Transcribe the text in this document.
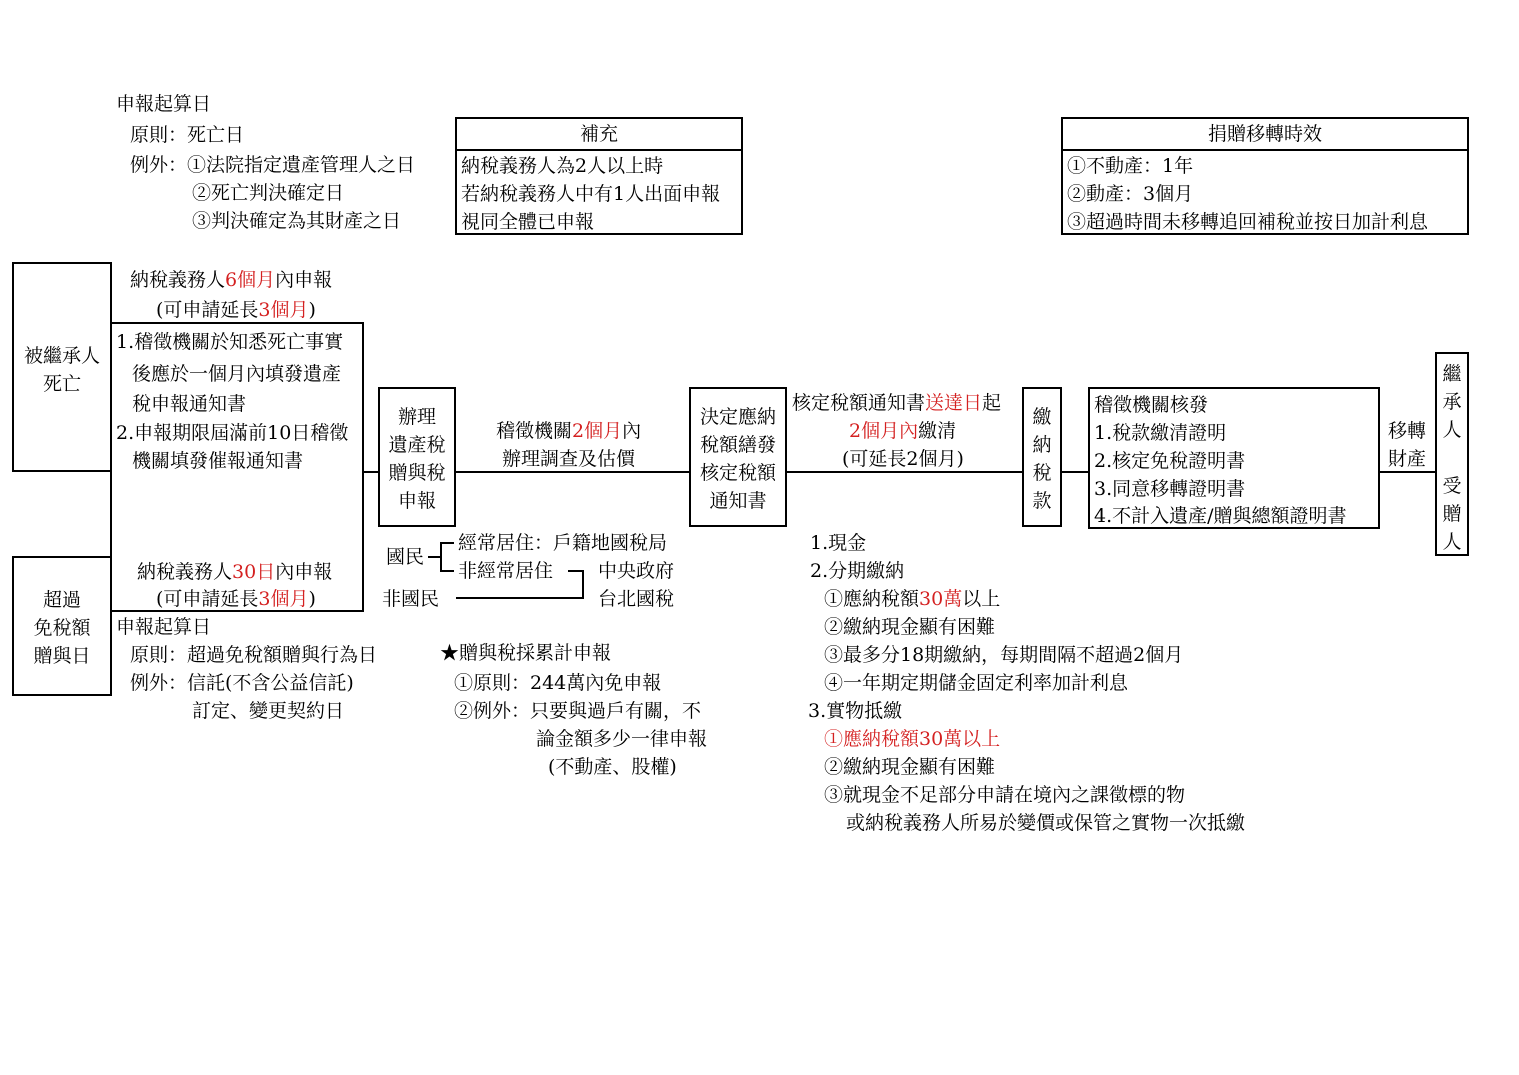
申報起算日
原則：死亡日
例外：①法院指定遺產管理人之日
②死亡判決確定日
③判決確定為其財產之日
補充
納稅義務人為2人以上時
若納稅義務人中有1人出面申報
視同全體已申報
捐贈移轉時效
①不動產：1年
②動產：3個月
③超過時間未移轉追回補稅並按日加計利息
被繼承人
死亡
納稅義務人6個月內申報
(可申請延長3個月)
1.稽徵機關於知悉死亡事實
後應於一個月內填發遺產
稅申報通知書
2.申報期限屆滿前10日稽徵
機關填發催報通知書
超過
免稅額
贈與日
納稅義務人30日內申報
(可申請延長3個月)
申報起算日
原則：超過免稅額贈與行為日
例外：信託(不含公益信託)
訂定、變更契約日
辦理
遺產稅
贈與稅
申報
稽徵機關2個月內
辦理調查及估價
決定應納
稅額繕發
核定稅額
通知書
核定稅額通知書送達日起
2個月內繳清
(可延長2個月)
繳
納
稅
款
稽徵機關核發
1.稅款繳清證明
2.核定免稅證明書
3.同意移轉證明書
4.不計入遺產/贈與總額證明書
移轉
財產
繼
承
人
受
贈
人
國民
經常居住：戶籍地國稅局
非經常居住
非國民
中央政府
台北國稅
★贈與稅採累計申報
①原則：244萬內免申報
②例外：只要與過戶有關，不
論金額多少一律申報
(不動產、股權)
1.現金
2.分期繳納
①應納稅額30萬以上
②繳納現金顯有困難
③最多分18期繳納，每期間隔不超過2個月
④一年期定期儲金固定利率加計利息
3.實物抵繳
①應納稅額30萬以上
②繳納現金顯有困難
③就現金不足部分申請在境內之課徵標的物
或納稅義務人所易於變價或保管之實物一次抵繳
